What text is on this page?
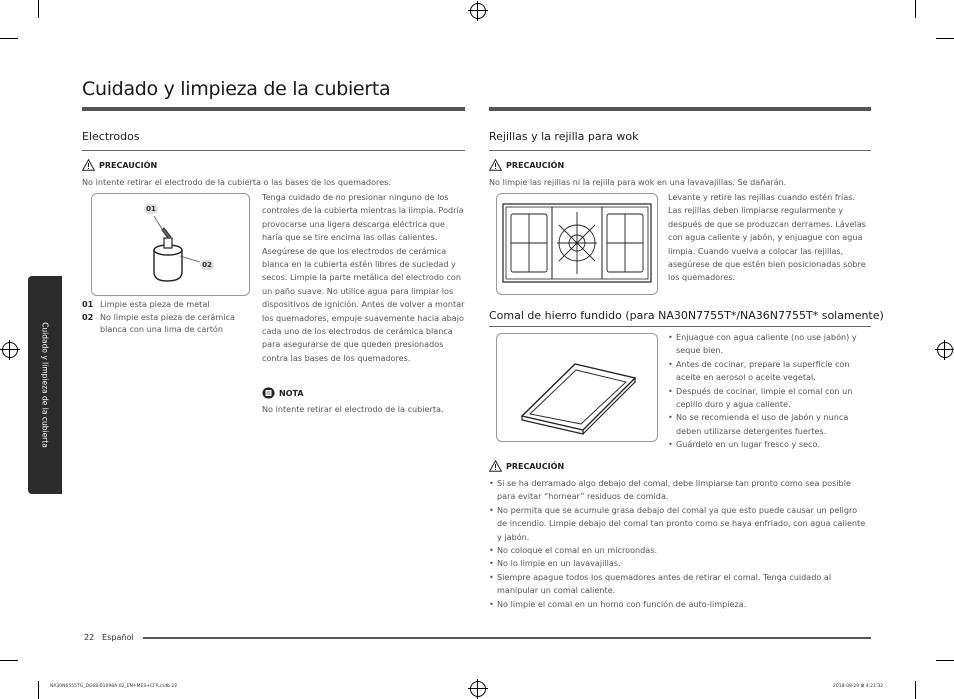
Cuidado y limpieza de la cubierta
Cuidado y limpieza de la cubierta
Electrodos
PRECAUCIÓN
No intente retirar el electrodo de la cubierta o las bases de los quemadores.
01
02
01 Limpie esta pieza de metal
02 No limpie esta pieza de cerámica blanca con una lima de cartón
Tenga cuidado de no presionar ninguno de los controles de la cubierta mientras la limpia. Podría provocarse una ligera descarga eléctrica que haría que se tire encima las ollas calientes. Asegúrese de que los electrodos de cerámica blanca en la cubierta estén libres de suciedad y secos. Limpie la parte metálica del electrodo con un paño suave. No utilice agua para limpiar los dispositivos de ignición. Antes de volver a montar los quemadores, empuje suavemente hacia abajo cada uno de los electrodos de cerámica blanca para asegurarse de que queden presionados contra las bases de los quemadores.
NOTA
No intente retirar el electrodo de la cubierta.
Rejillas y la rejilla para wok
PRECAUCIÓN
No limpie las rejillas ni la rejilla para wok en una lavavajillas. Se dañarán.
Levante y retire las rejillas cuando estén frías. Las rejillas deben limpiarse regularmente y después de que se produzcan derrames. Lávelas con agua caliente y jabón, y enjuague con agua limpia. Cuando vuelva a colocar las rejillas, asegúrese de que estén bien posicionadas sobre los quemadores.
Comal de hierro fundido (para NA30N7755T*/NA36N7755T* solamente)
• Enjuague con agua caliente (no use jabón) y seque bien.
• Antes de cocinar, prepare la superficie con aceite en aerosol o aceite vegetal.
• Después de cocinar, limpie el comal con un cepillo duro y agua caliente.
• No se recomienda el uso de jabón y nunca deben utilizarse detergentes fuertes.
• Guárdelo en un lugar fresco y seco.
PRECAUCIÓN
• Si se ha derramado algo debajo del comal, debe limpiarse tan pronto como sea posible para evitar “hornear” residuos de comida.
• No permita que se acumule grasa debajo del comal ya que esto puede causar un peligro de incendio. Limpie debajo del comal tan pronto como se haya enfriado, con agua caliente y jabón.
• No coloque el comal en un microondas.
• No lo limpie en un lavavajillas.
• Siempre apague todos los quemadores antes de retirar el comal. Tenga cuidado al manipular un comal caliente.
• No limpie el comal en un horno con función de auto-limpieza.
22 Español
NA30N6555TG_DG68-01098A-02_EN+MES+CFR.indb 22	2018-08-29 ⊞ 4:21:32
